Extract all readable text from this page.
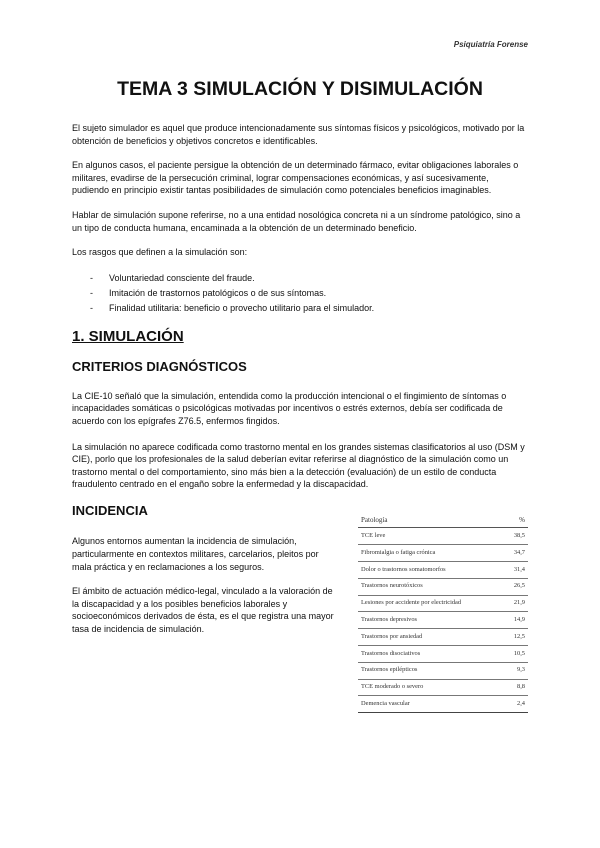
Psiquiatría Forense
TEMA 3 SIMULACIÓN Y DISIMULACIÓN

El sujeto simulador es aquel que produce intencionadamente sus síntomas físicos y psicológicos, motivado por la obtención de beneficios y objetivos concretos e identificables.

En algunos casos, el paciente persigue la obtención de un determinado fármaco, evitar obligaciones laborales o militares, evadirse de la persecución criminal, lograr compensaciones económicas, y así sucesivamente, pudiendo en principio existir tantas posibilidades de simulación como potenciales beneficios imaginables.

Hablar de simulación supone referirse, no a una entidad nosológica concreta ni a un síndrome patológico, sino a un tipo de conducta humana, encaminada a la obtención de un determinado beneficio.

Los rasgos que definen a la simulación son:

- Voluntariedad consciente del fraude.
- Imitación de trastornos patológicos o de sus síntomas.
- Finalidad utilitaria: beneficio o provecho utilitario para el simulador.
1. SIMULACIÓN
CRITERIOS DIAGNÓSTICOS

La CIE-10 señaló que la simulación, entendida como la producción intencional o el fingimiento de síntomas o incapacidades somáticas o psicológicas motivadas por incentivos o estrés externos, debía ser codificada de acuerdo con los epígrafes Z76.5, enfermos fingidos.

La simulación no aparece codificada como trastorno mental en los grandes sistemas clasificatorios al uso (DSM y CIE), porlo que los profesionales de la salud deberían evitar referirse al diagnóstico de la simulación como un trastorno mental o del comportamiento, sino más bien a la detección (evaluación) de un estilo de conducta fraudulento centrado en el engaño sobre la enfermedad y la discapacidad.

INCIDENCIA

Algunos entornos aumentan la incidencia de simulación, particularmente en contextos militares, carcelarios, pleitos por mala práctica y en reclamaciones a los seguros.

El ámbito de actuación médico-legal, vinculado a la valoración de la discapacidad y a los posibles beneficios laborales y socioeconómicos derivados de ésta, es el que registra una mayor tasa de incidencia de simulación.

Patología	%
TCE leve	38,5
Fibromialgia o fatiga crónica	34,7
Dolor o trastornos somatomorfos	31,4
Trastornos neurotóxicos	26,5
Lesiones por accidente por electricidad	21,9
Trastornos depresivos	14,9
Trastornos por ansiedad	12,5
Trastornos disociativos	10,5
Trastornos epilépticos	9,3
TCE moderado o severo	8,8
Demencia vascular	2,4
